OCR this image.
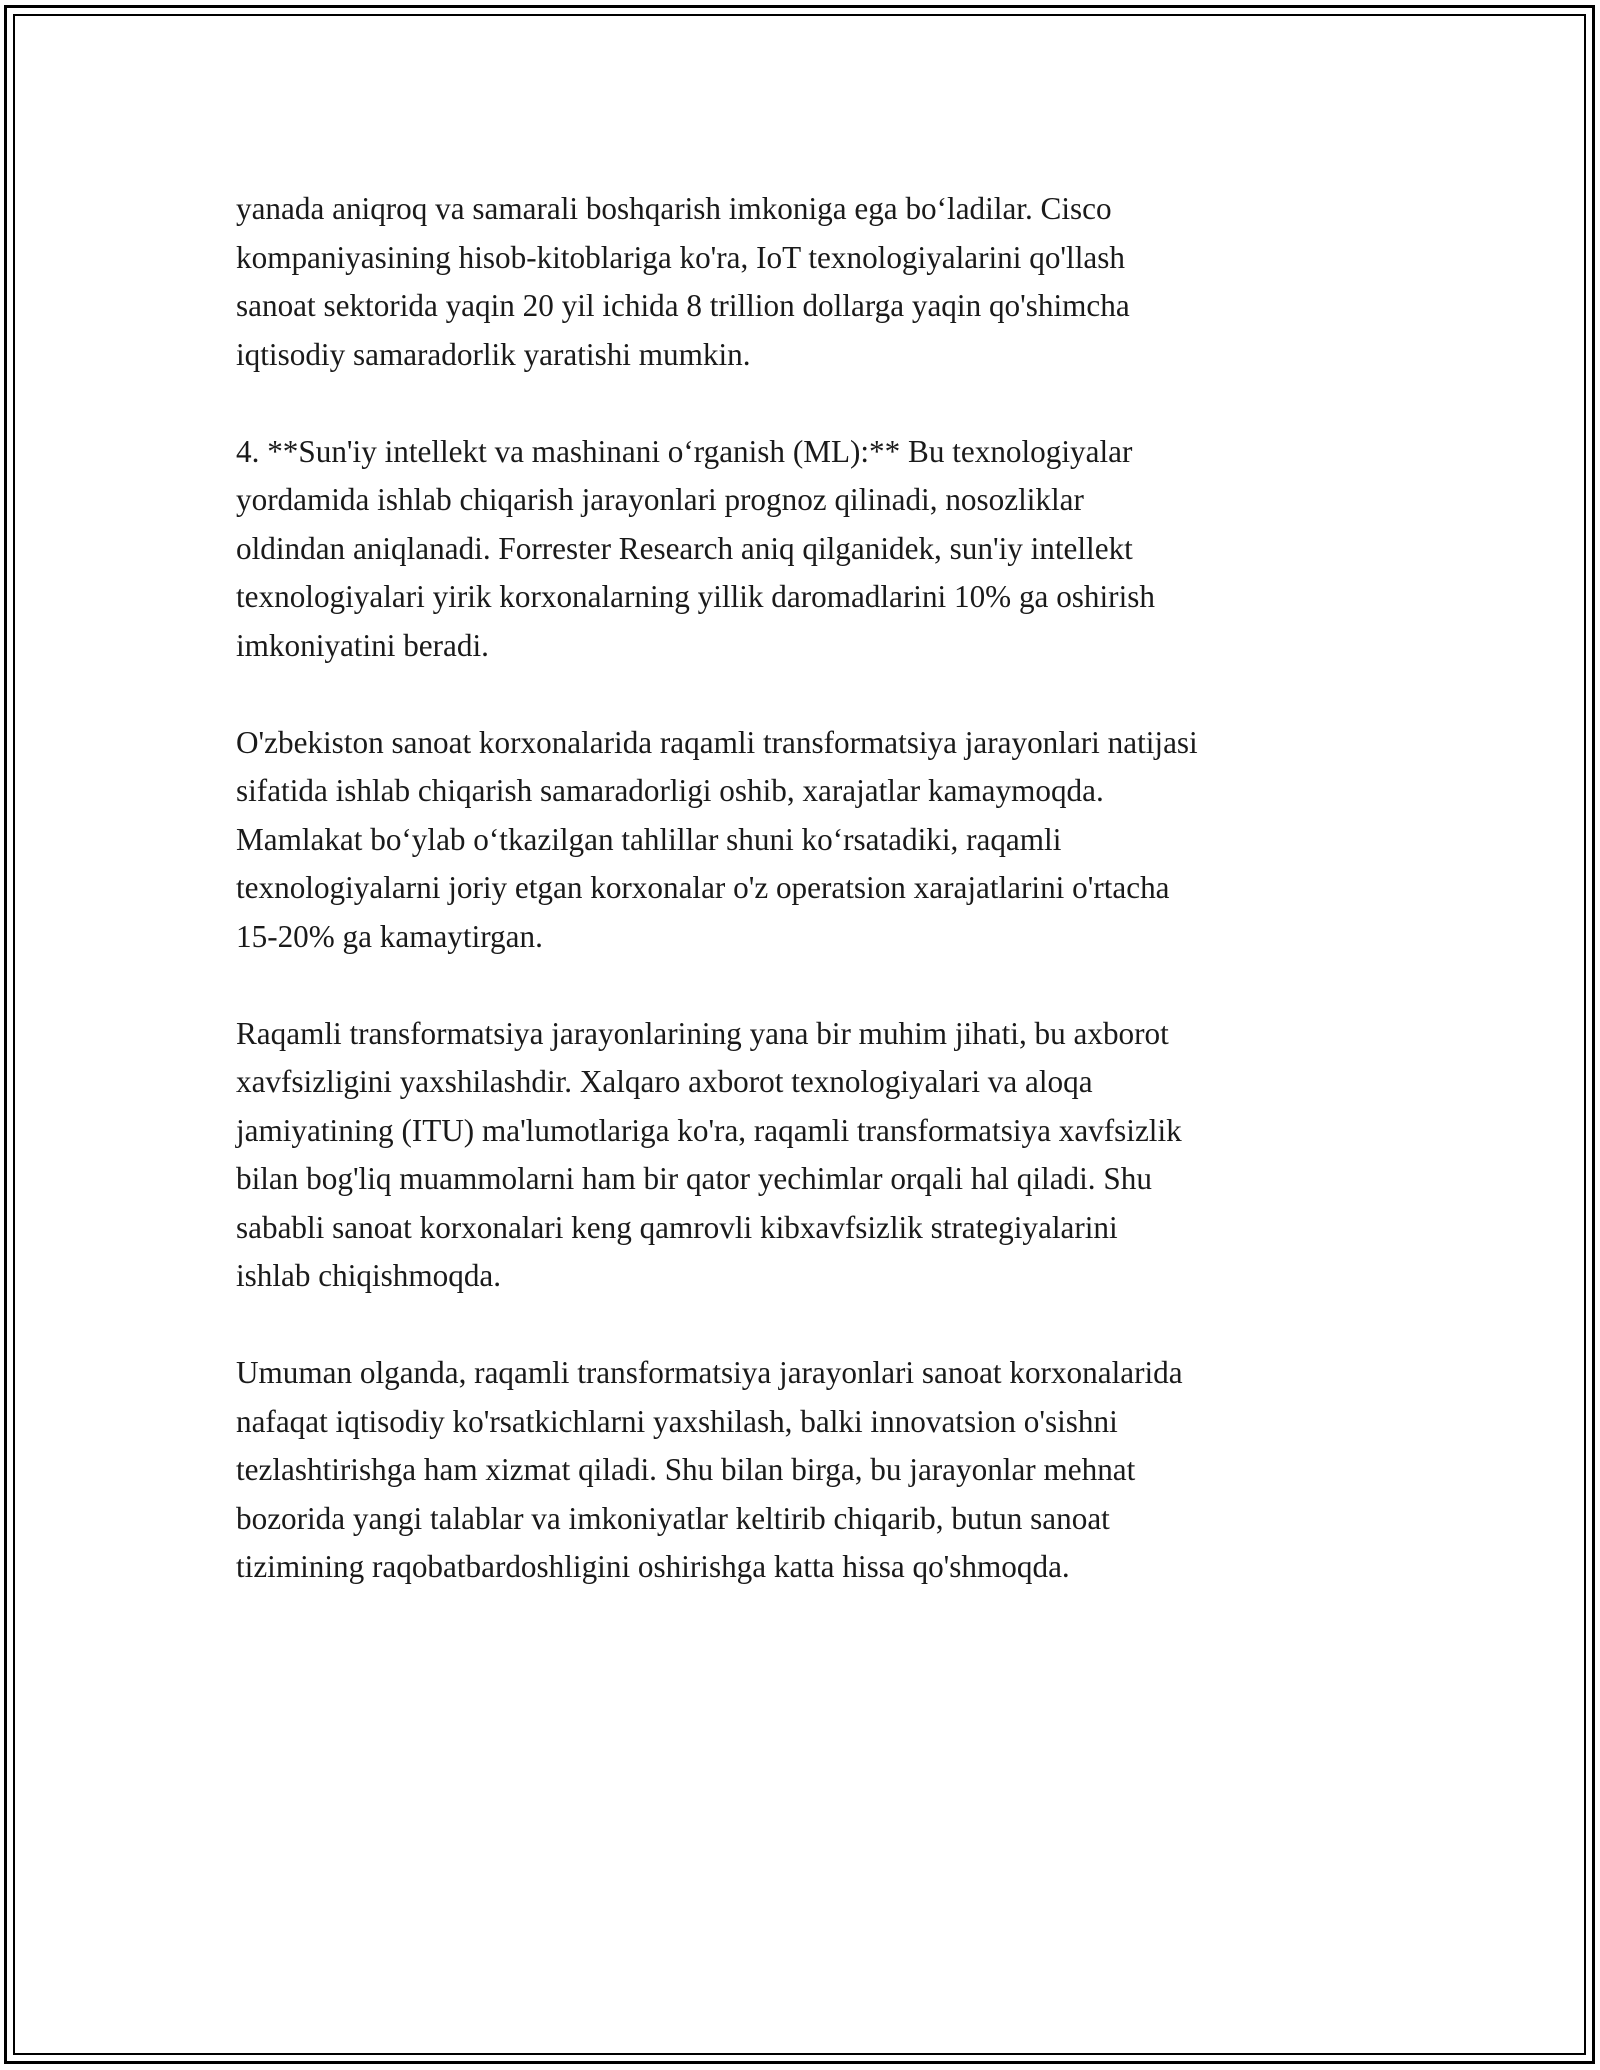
yanada aniqroq va samarali boshqarish imkoniga ega bo‘ladilar. Cisco
kompaniyasining hisob-kitoblariga ko'ra, IoT texnologiyalarini qo'llash
sanoat sektorida yaqin 20 yil ichida 8 trillion dollarga yaqin qo'shimcha
iqtisodiy samaradorlik yaratishi mumkin.

4. **Sun'iy intellekt va mashinani o‘rganish (ML):** Bu texnologiyalar
yordamida ishlab chiqarish jarayonlari prognoz qilinadi, nosozliklar
oldindan aniqlanadi. Forrester Research aniq qilganidek, sun'iy intellekt
texnologiyalari yirik korxonalarning yillik daromadlarini 10% ga oshirish
imkoniyatini beradi.

O'zbekiston sanoat korxonalarida raqamli transformatsiya jarayonlari natijasi
sifatida ishlab chiqarish samaradorligi oshib, xarajatlar kamaymoqda.
Mamlakat bo‘ylab o‘tkazilgan tahlillar shuni ko‘rsatadiki, raqamli
texnologiyalarni joriy etgan korxonalar o'z operatsion xarajatlarini o'rtacha
15-20% ga kamaytirgan.

Raqamli transformatsiya jarayonlarining yana bir muhim jihati, bu axborot
xavfsizligini yaxshilashdir. Xalqaro axborot texnologiyalari va aloqa
jamiyatining (ITU) ma'lumotlariga ko'ra, raqamli transformatsiya xavfsizlik
bilan bog'liq muammolarni ham bir qator yechimlar orqali hal qiladi. Shu
sababli sanoat korxonalari keng qamrovli kibxavfsizlik strategiyalarini
ishlab chiqishmoqda.

Umuman olganda, raqamli transformatsiya jarayonlari sanoat korxonalarida
nafaqat iqtisodiy ko'rsatkichlarni yaxshilash, balki innovatsion o'sishni
tezlashtirishga ham xizmat qiladi. Shu bilan birga, bu jarayonlar mehnat
bozorida yangi talablar va imkoniyatlar keltirib chiqarib, butun sanoat
tizimining raqobatbardoshligini oshirishga katta hissa qo'shmoqda.
